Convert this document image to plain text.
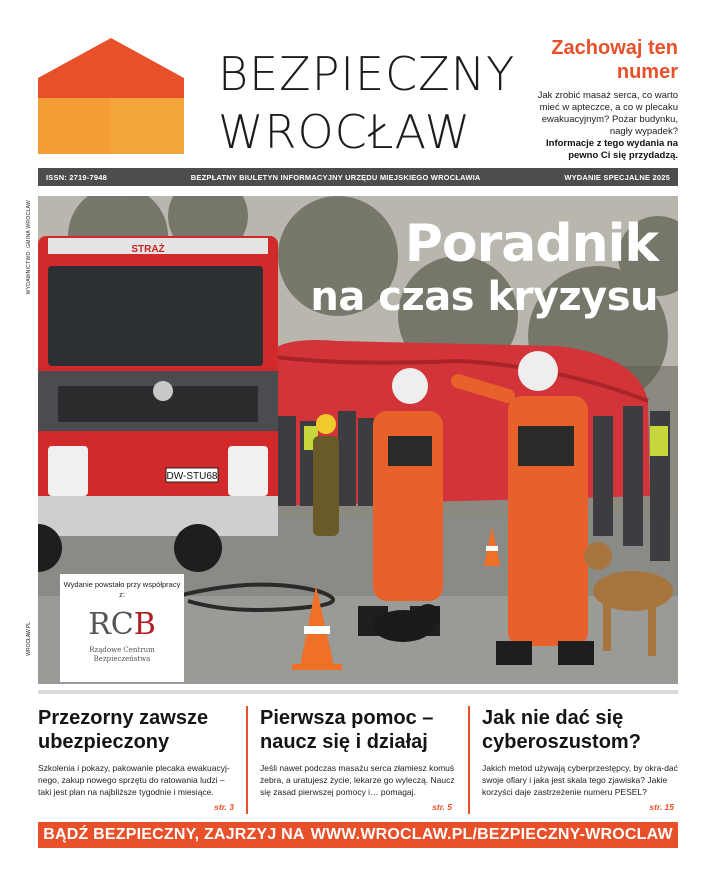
BEZPIECZNY
WROCŁAW
Zachowaj ten numer
Jak zrobić masaż serca, co warto mieć w apteczce, a co w plecaku ewakuacyjnym? Pożar budynku, nagły wypadek?
Informacje z tego wydania na pewno Ci się przydadzą.
ISSN: 2719-7948	BEZPŁATNY BIULETYN INFORMACYJNY URZĘDU MIEJSKIEGO WROCŁAWIA	WYDANIE SPECJALNE 2025
WYDAWNICTWO: GMINA WROCŁAW
WROCŁAW.PL
DW-STU68
STRAŻ	Poradnik
na czas kryzysu
Wydanie powstało przy współpracy z:
RCB
Rządowe Centrum
Bezpieczeństwa
Przezorny zawsze ubezpieczony

Szkolenia i pokazy, pakowanie plecaka ewakuacyj-nego, zakup nowego sprzętu do ratowania ludzi – taki jest plan na najbliższe tygodnie i miesiące.

str. 3
Pierwsza pomoc – naucz się i działaj

Jeśli nawet podczas masażu serca złamiesz komuś żebra, a uratujesz życie, lekarze go wyleczą. Naucz się zasad pierwszej pomocy i… pomagaj.

str. 5
Jak nie dać się cyberoszustom?

Jakich metod używają cyberprzestępcy, by okra-dać swoje ofiary i jaka jest skala tego zjawiska? Jakie korzyści daje zastrzeżenie numeru PESEL?

str. 15
BĄDŹ BEZPIECZNY, ZAJRZYJ NA WWW.WROCLAW.PL/BEZPIECZNY-WROCLAW
